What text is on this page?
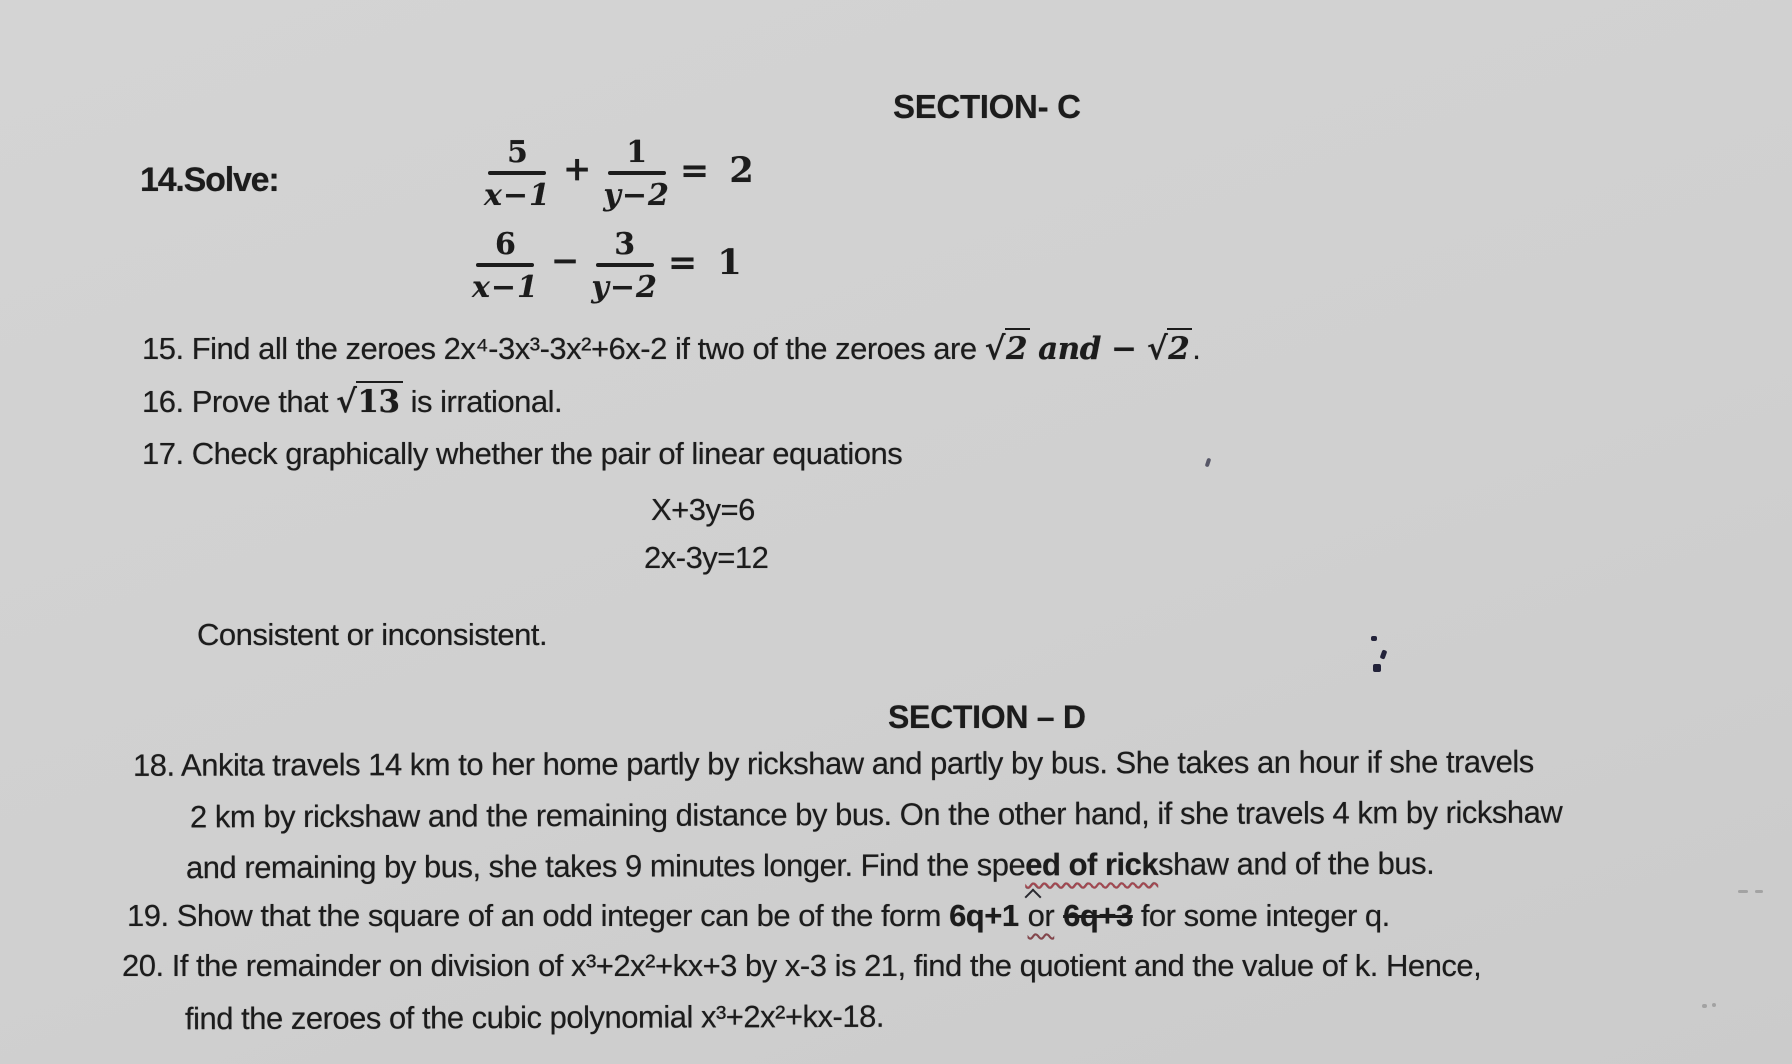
SECTION- C
14.Solve:	$\frac{5}{x-1} + \frac{1}{y-2} = 2$
$\frac{6}{x-1} - \frac{3}{y-2} = 1$
15. Find all the zeroes 2x⁴-3x³-3x²+6x-2 if two of the zeroes are √2 and − √2.
16. Prove that √13 is irrational.
17. Check graphically whether the pair of linear equations
X+3y=6
2x-3y=12
Consistent or inconsistent.
SECTION – D
18. Ankita travels 14 km to her home partly by rickshaw and partly by bus. She takes an hour if she travels
2 km by rickshaw and the remaining distance by bus. On the other hand, if she travels 4 km by rickshaw
and remaining by bus, she takes 9 minutes longer. Find the speed of rickshaw and of the bus.
19. Show that the square of an odd integer can be of the form 6q+1 or 6q+3 for some integer q.
20. If the remainder on division of x³+2x²+kx+3 by x-3 is 21, find the quotient and the value of k. Hence,
find the zeroes of the cubic polynomial x³+2x²+kx-18.
